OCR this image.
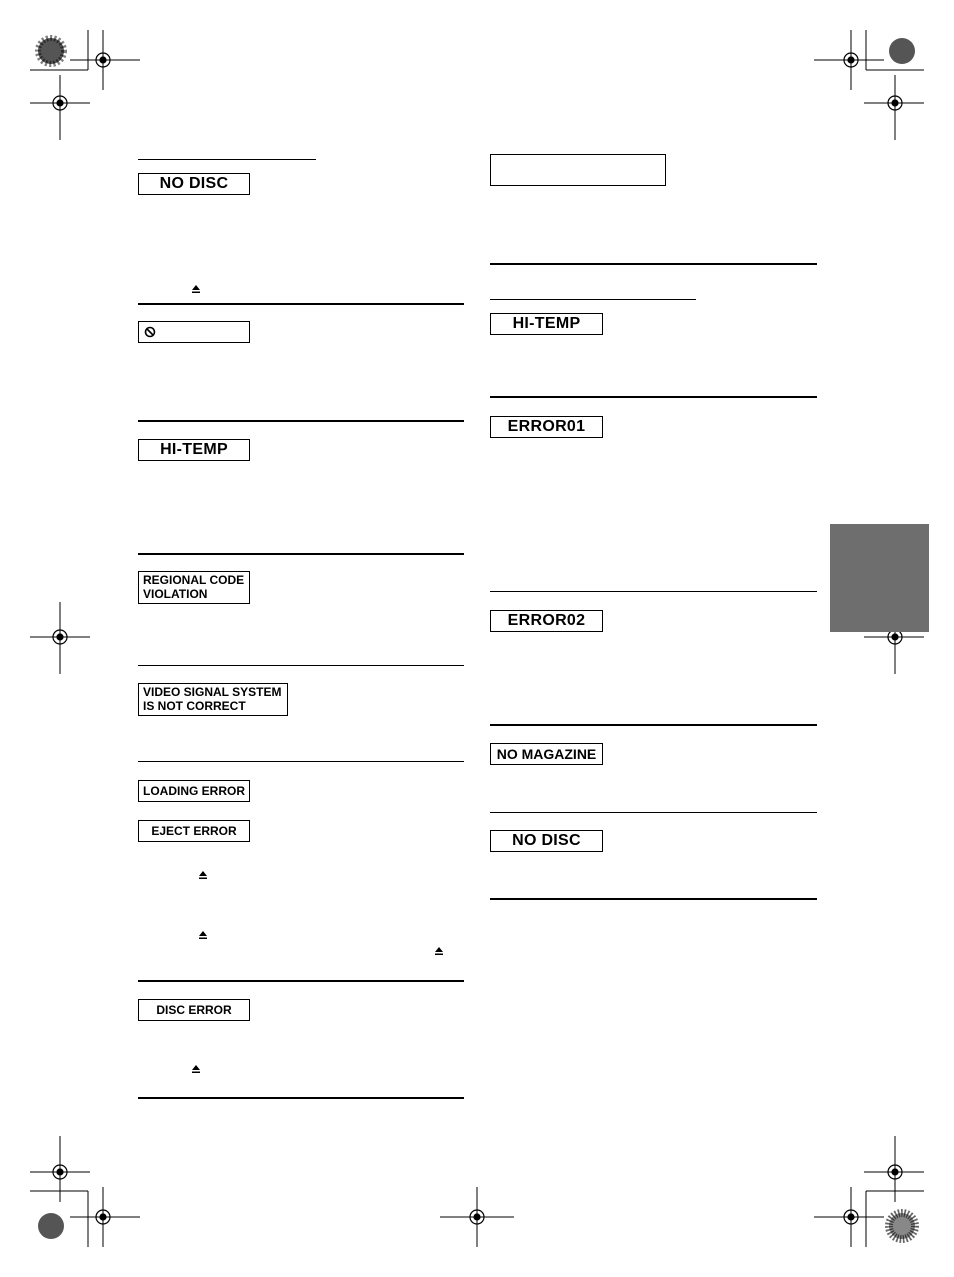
NO DISC
HI-TEMP
REGIONAL CODE
VIOLATION
VIDEO SIGNAL SYSTEM
IS NOT CORRECT
LOADING ERROR
EJECT ERROR
DISC ERROR
HI-TEMP
ERROR01
ERROR02
NO MAGAZINE
NO DISC
